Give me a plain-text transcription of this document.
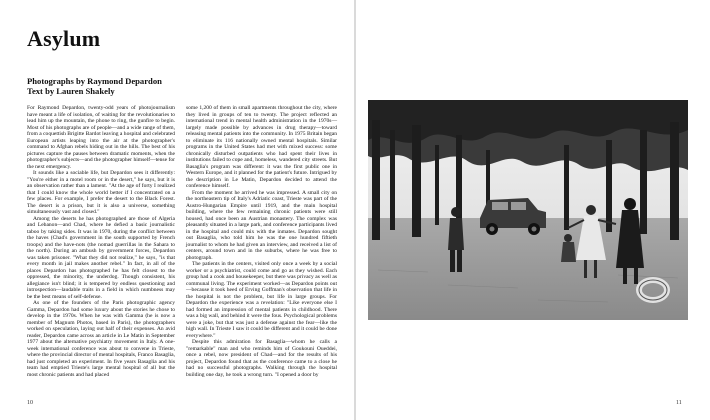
Asylum
Photographs by Raymond Depardon
Text by Lauren Shakely

For Raymond Depardon, twenty-odd years of photojournalism have meant a life of isolation, of waiting for the revolutionaries to lead him up the mountain, the phone to ring, the gunfire to begin. Most of his photographs are of people—and a wide range of them, from a coquettish Brigitte Bardot leaving a hospital and celebrated European artists leaping into the air at the photographer's command to Afghan rebels hiding out in the hills. The best of his pictures capture the pauses between dramatic moments, when the photographer's subjects—and the photographer himself—tense for the next emergency.

It sounds like a sociable life, but Depardon sees it differently: "You're either in a motel room or in the desert," he says, but it is an observation rather than a lament. "At the age of forty I realized that I could know the whole world better if I concentrated on a few places. For example, I prefer the desert to the Black Forest. The desert is a prison, but it is also a universe, something simultaneously vast and closed."

Among the deserts he has photographed are those of Algeria and Lebanon—and Chad, where he defied a basic journalistic taboo by taking sides. It was in 1970, during the conflict between the haves (Chad's government in the south supported by French troops) and the have-nots (the nomad guerrillas in the Sahara to the north). During an ambush by government forces, Depardon was taken prisoner. "What they did not realize," he says, "is that every month in jail makes another rebel." In fact, in all of the places Depardon has photographed he has felt closest to the oppressed, the minority, the underdog. Though consistent, his allegiance isn't blind; it is tempered by endless questioning and introspection—laudable traits in a field in which numbness may be the best means of self-defense.

As one of the founders of the Paris photographic agency Gamma, Depardon had some luxury about the stories he chose to develop in the 1970s. When he was with Gamma (he is now a member of Magnum Photos, based in Paris), the photographers worked on speculation, laying out half of their expenses. An avid reader, Depardon came across an article in Le Matin in September 1977 about the alternative psychiatry movement in Italy. A one-week international conference was about to convene in Trieste, where the provincial director of mental hospitals, Franco Basaglia, had just completed an experiment. In five years Basaglia and his team had emptied Trieste's large mental hospital of all but the most chronic patients and had placed

some 1,200 of them in small apartments throughout the city, where they lived in groups of ten to twenty. The project reflected an international trend in mental health administration in the 1970s—largely made possible by advances in drug therapy—toward releasing mental patients into the community. In 1975 Britain began to eliminate its 116 nationally owned mental hospitals. Similar programs in the United States had met with mixed success: some chronically disturbed outpatients who had spent their lives in institutions failed to cope and, homeless, wandered city streets. But Basaglia's program was different: it was the first public one in Western Europe, and it planned for the patient's future. Intrigued by the description in Le Matin, Depardon decided to attend the conference himself.

From the moment he arrived he was impressed. A small city on the northeastern tip of Italy's Adriatic coast, Trieste was part of the Austro-Hungarian Empire until 1919, and the main hospital building, where the few remaining chronic patients were still housed, had once been an Austrian monastery. The complex was pleasantly situated in a large park, and conference participants lived in the hospital and could mix with the inmates. Depardon sought out Basaglia, who told him he was the one hundred fiftieth journalist to whom he had given an interview, and received a list of centers, around town and in the suburbs, where he was free to photograph.

The patients in the centers, visited only once a week by a social worker or a psychiatrist, could come and go as they wished. Each group had a cook and housekeeper, but there was privacy as well as communal living. The experiment worked—as Depardon points out—because it took heed of Erving Goffman's observation that life in the hospital is not the problem, but life in large groups. For Depardon the experience was a revelation: "Like everyone else I had formed an impression of mental patients in childhood. There was a big wall, and behind it were the fous. Psychological problems were a joke, but that was just a defense against the fear—like the high wall. In Trieste I saw it could be different and it could be done everywhere."

Despite this admiration for Basaglia—whom he calls a "remarkable" man and who reminds him of Goukouni Oueddei, once a rebel, now president of Chad—and for the results of his project, Depardon found that as the conference came to a close he had no successful photographs. Walking through the hospital building one day, he took a wrong turn. "I opened a door by

10	11
